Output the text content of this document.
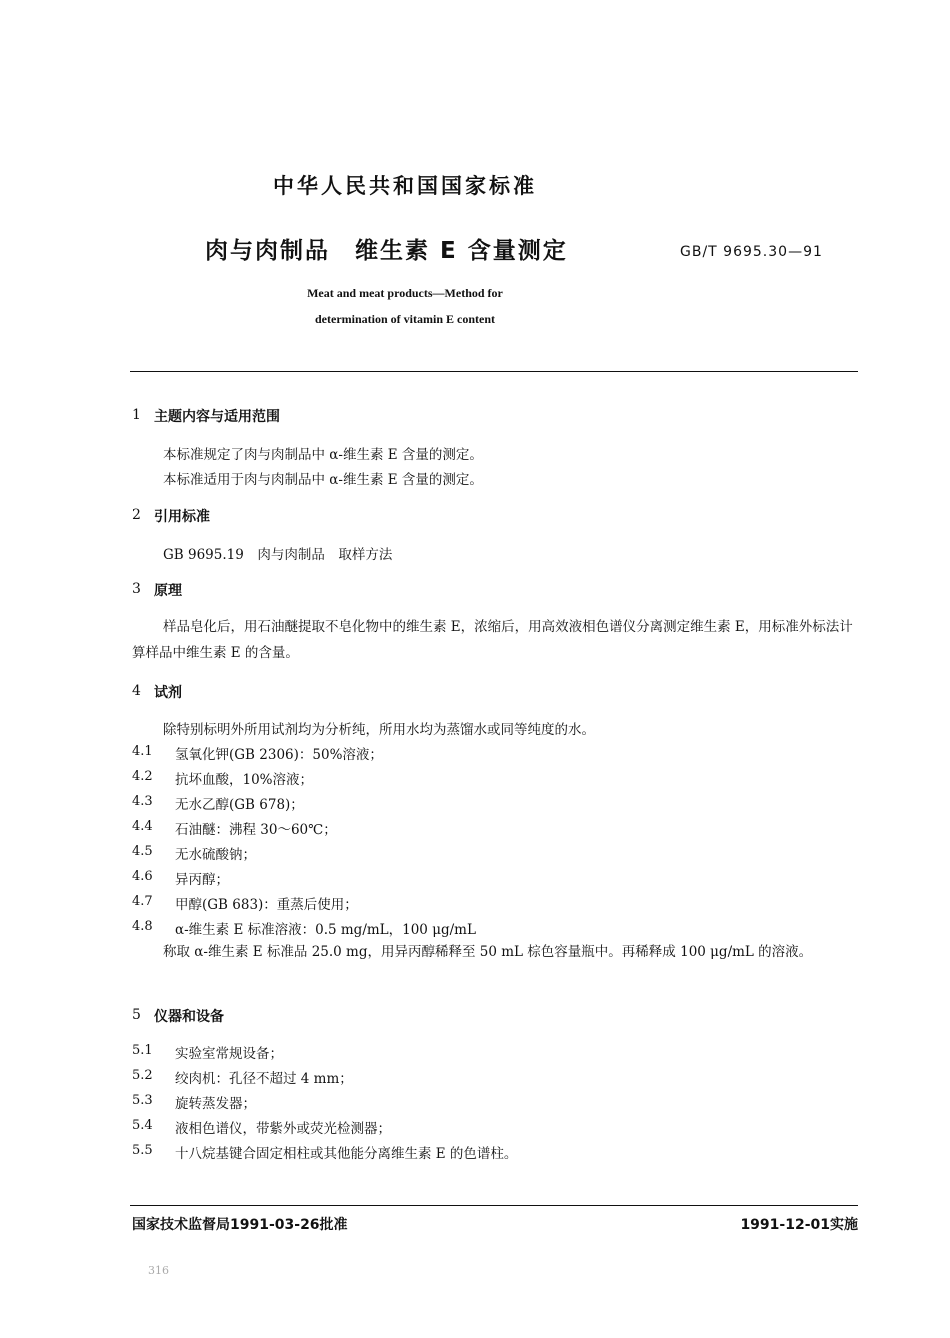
中华人民共和国国家标准
肉与肉制品　维生素 E 含量测定	GB/T 9695.30—91
Meat and meat products—Method for
determination of vitamin E content
1 主题内容与适用范围
本标准规定了肉与肉制品中 α-维生素 E 含量的测定。
本标准适用于肉与肉制品中 α-维生素 E 含量的测定。
2 引用标准
GB 9695.19　肉与肉制品　取样方法
3 原理
样品皂化后，用石油醚提取不皂化物中的维生素 E，浓缩后，用高效液相色谱仪分离测定维生素 E，用标准外标法计算样品中维生素 E 的含量。
4 试剂
除特别标明外所用试剂均为分析纯，所用水均为蒸馏水或同等纯度的水。
4.1 氢氧化钾(GB 2306)：50%溶液；
4.2 抗坏血酸，10%溶液；
4.3 无水乙醇(GB 678)；
4.4 石油醚：沸程 30～60℃；
4.5 无水硫酸钠；
4.6 异丙醇；
4.7 甲醇(GB 683)：重蒸后使用；
4.8 α-维生素 E 标准溶液：0.5 mg/mL，100 μg/mL
称取 α-维生素 E 标准品 25.0 mg，用异丙醇稀释至 50 mL 棕色容量瓶中。再稀释成 100 μg/mL 的溶液。
5 仪器和设备
5.1 实验室常规设备；
5.2 绞肉机：孔径不超过 4 mm；
5.3 旋转蒸发器；
5.4 液相色谱仪，带紫外或荧光检测器；
5.5 十八烷基键合固定相柱或其他能分离维生素 E 的色谱柱。
国家技术监督局1991-03-26批准	1991-12-01实施
316
